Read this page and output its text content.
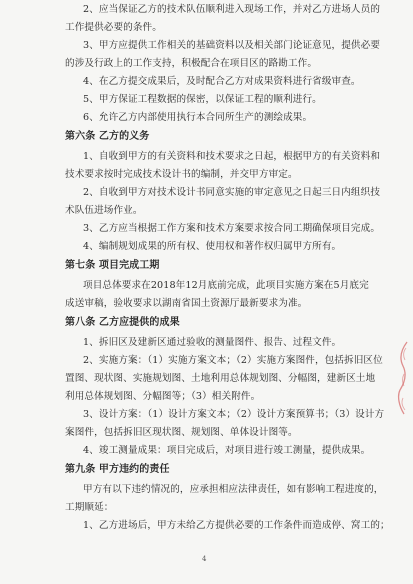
2、应当保证乙方的技术队伍顺利进入现场工作，并对乙方进场人员的
工作提供必要的条件。
3、甲方应提供工作相关的基础资料以及相关部门论证意见，提供必要
的涉及行政上的工作支持，积极配合在项目区的路勘工作。
4、在乙方提交成果后，及时配合乙方对成果资料进行省级审查。
5、甲方保证工程数据的保密，以保证工程的顺利进行。
6、允许乙方内部使用执行本合同所生产的测绘成果。
第六条 乙方的义务
1、自收到甲方的有关资料和技术要求之日起，根据甲方的有关资料和
技术要求按时完成技术设计书的编制，并交甲方审定。
2、自收到甲方对技术设计书同意实施的审定意见之日起三日内组织技
术队伍进场作业。
3、乙方应当根据工作方案和技术方案要求按合同工期确保项目完成。
4、编制规划成果的所有权、使用权和著作权归属甲方所有。
第七条 项目完成工期
项目总体要求在2018年12月底前完成，此项目实施方案在5月底完
成送审稿，验收要求以湖南省国土资源厅最新要求为准。
第八条 乙方应提供的成果
1、拆旧区及建新区通过验收的测量图件、报告、过程文件。
2、实施方案：（1）实施方案文本；（2）实施方案图件，包括拆旧区位
置图、现状图、实施规划图、土地利用总体规划图、分幅图，建新区土地
利用总体规划图、分幅图等；（3）相关附件。
3、设计方案：（1）设计方案文本；（2）设计方案预算书；（3）设计方
案图件，包括拆旧区现状图、规划图、单体设计图等。
4、竣工测量成果：项目完成后，对项目进行竣工测量，提供成果。
第九条 甲方违约的责任
甲方有以下违约情况的，应承担相应法律责任，如有影响工程进度的，
工期顺延：
1、乙方进场后，甲方未给乙方提供必要的工作条件而造成停、窝工的；
4
